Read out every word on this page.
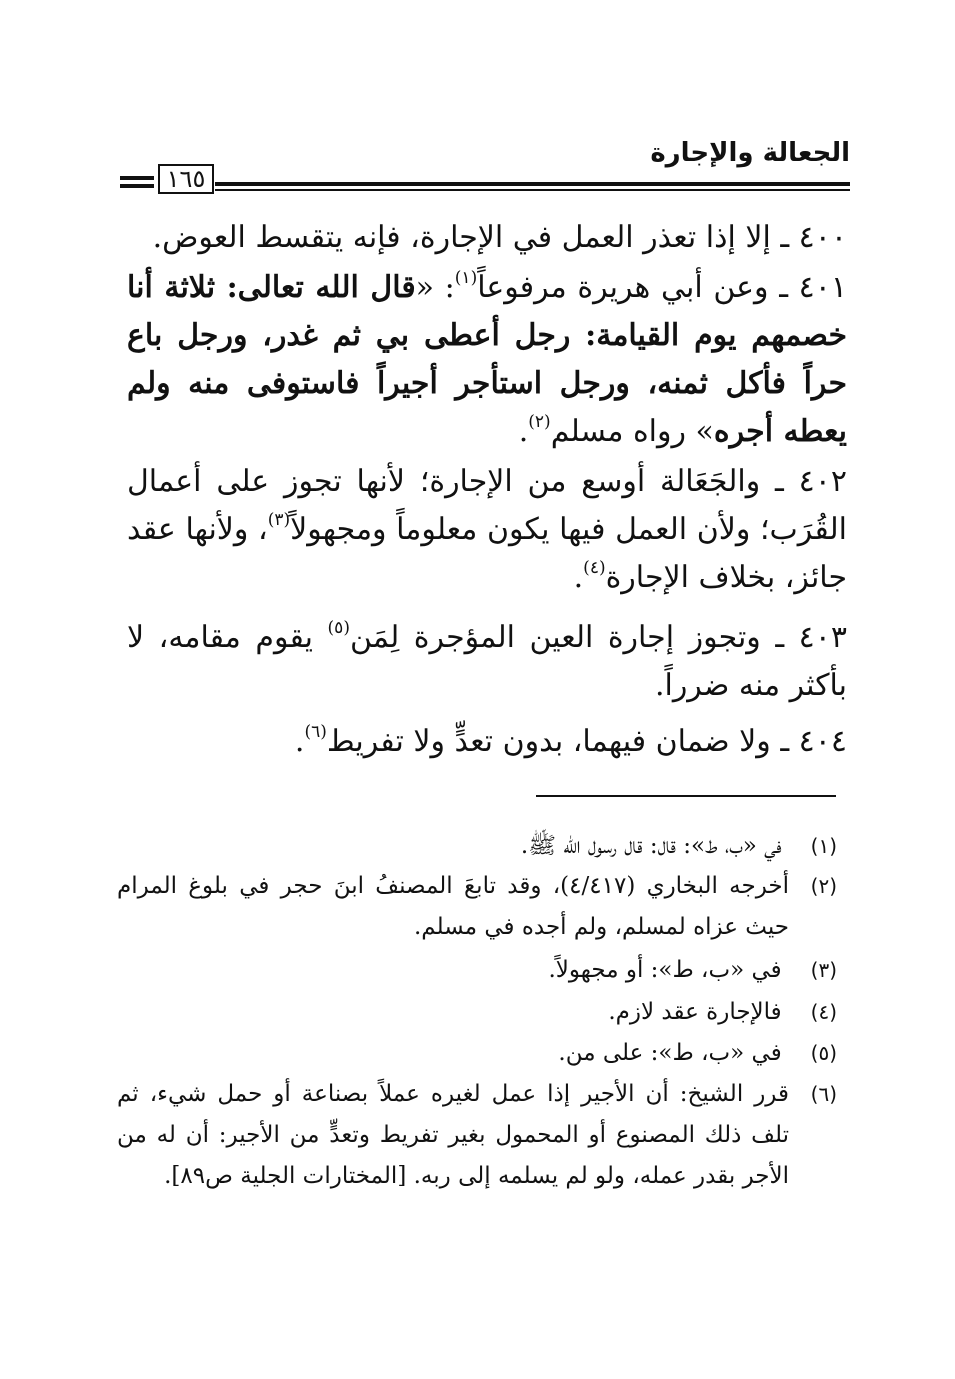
الجعالة والإجارة
١٦٥
٤٠٠ ـ إلا إذا تعذر العمل في الإجارة، فإنه يتقسط العوض.
٤٠١ ـ وعن أبي هريرة مرفوعاً$^{(١)}$: «قال الله تعالى: ثلاثة أنا خصمهم يوم القيامة: رجل أعطى بي ثم غدر، ورجل باع حراً فأكل ثمنه، ورجل استأجر أجيراً فاستوفى منه ولم يعطه أجره» رواه مسلم$^{(٢)}$.
٤٠٢ ـ والجَعَالة أوسع من الإجارة؛ لأنها تجوز على أعمال القُرَب؛ ولأن العمل فيها يكون معلوماً ومجهولاً$^{(٣)}$، ولأنها عقد جائز، بخلاف الإجارة$^{(٤)}$.
٤٠٣ ـ وتجوز إجارة العين المؤجرة لِمَن$^{(٥)}$ يقوم مقامه، لا بأكثر منه ضرراً.
٤٠٤ ـ ولا ضمان فيهما، بدون تعدٍّ ولا تفريط$^{(٦)}$.
(١) في «ب، ط»: قال: قال رسول الله ﷺ.
(٢)
أخرجه البخاري (٤/٤١٧)، وقد تابعَ المصنفُ ابنَ حجر في بلوغ المرام حيث عزاه لمسلم، ولم أجده في مسلم.
(٣) في «ب، ط»: أو مجهولاً.
(٤) فالإجارة عقد لازم.
(٥) في «ب، ط»: على من.
(٦)
قرر الشيخ: أن الأجير إذا عمل لغيره عملاً بصناعة أو حمل شيء، ثم تلف ذلك المصنوع أو المحمول بغير تفريط وتعدٍّ من الأجير: أن له من الأجر بقدر عمله، ولو لم يسلمه إلى ربه. [المختارات الجلية ص٨٩].
